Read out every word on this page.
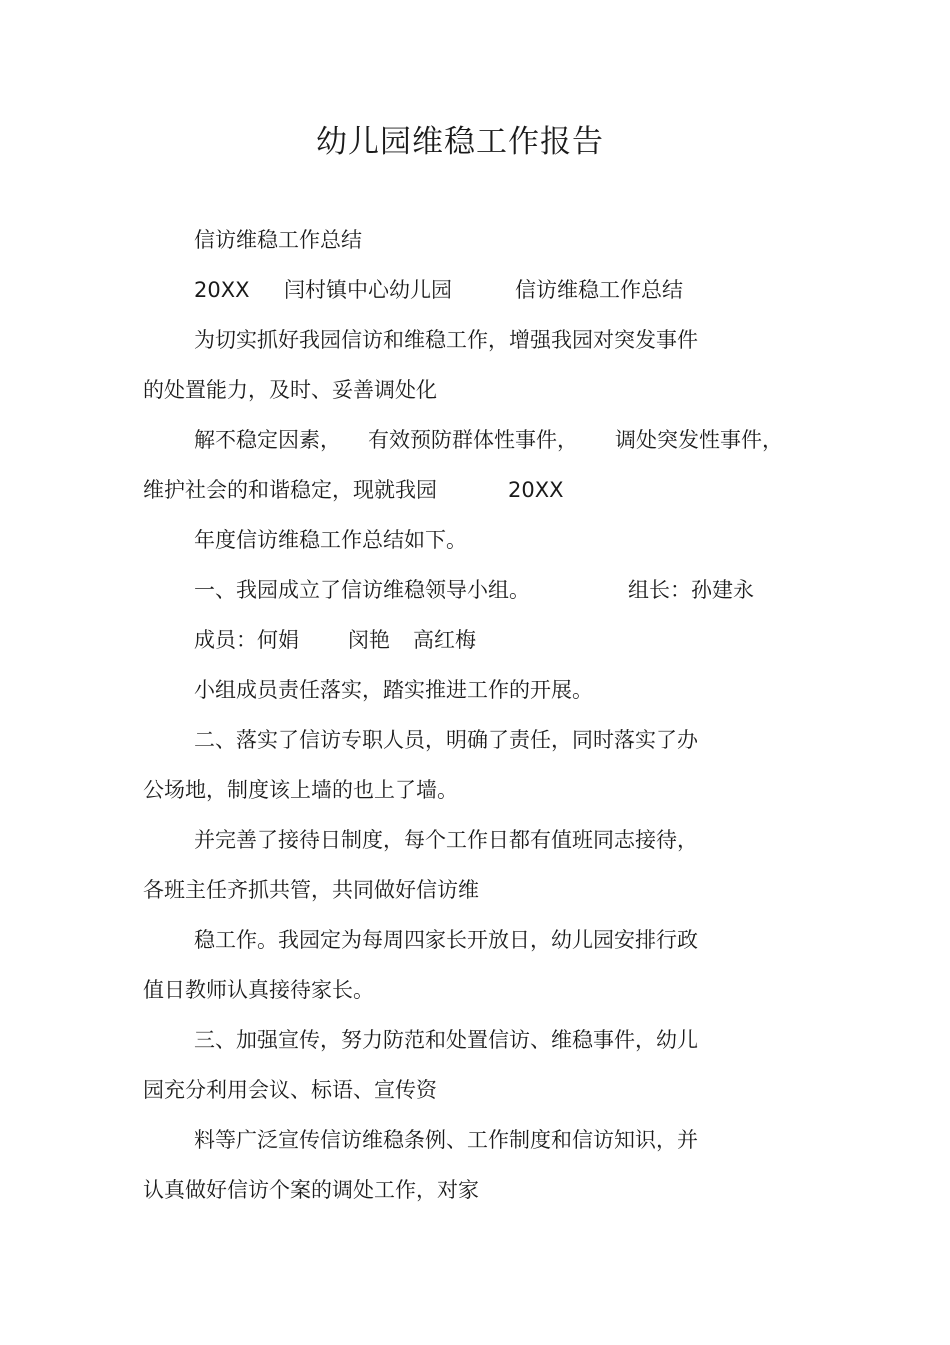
幼儿园维稳工作报告
信访维稳工作总结
20XX 闫村镇中心幼儿园	信访维稳工作总结
为切实抓好我园信访和维稳工作，增强我园对突发事件
的处置能力，及时、妥善调处化
解不稳定因素， 有效预防群体性事件， 调处突发性事件，
维护社会的和谐稳定，现就我园	20XX
年度信访维稳工作总结如下。
一、我园成立了信访维稳领导小组。	组长：孙建永
成员：何娟 闵艳 高红梅
小组成员责任落实，踏实推进工作的开展。
二、落实了信访专职人员，明确了责任，同时落实了办
公场地，制度该上墙的也上了墙。
并完善了接待日制度，每个工作日都有值班同志接待，
各班主任齐抓共管，共同做好信访维
稳工作。我园定为每周四家长开放日，幼儿园安排行政
值日教师认真接待家长。
三、加强宣传，努力防范和处置信访、维稳事件，幼儿
园充分利用会议、标语、宣传资
料等广泛宣传信访维稳条例、工作制度和信访知识，并
认真做好信访个案的调处工作，对家
